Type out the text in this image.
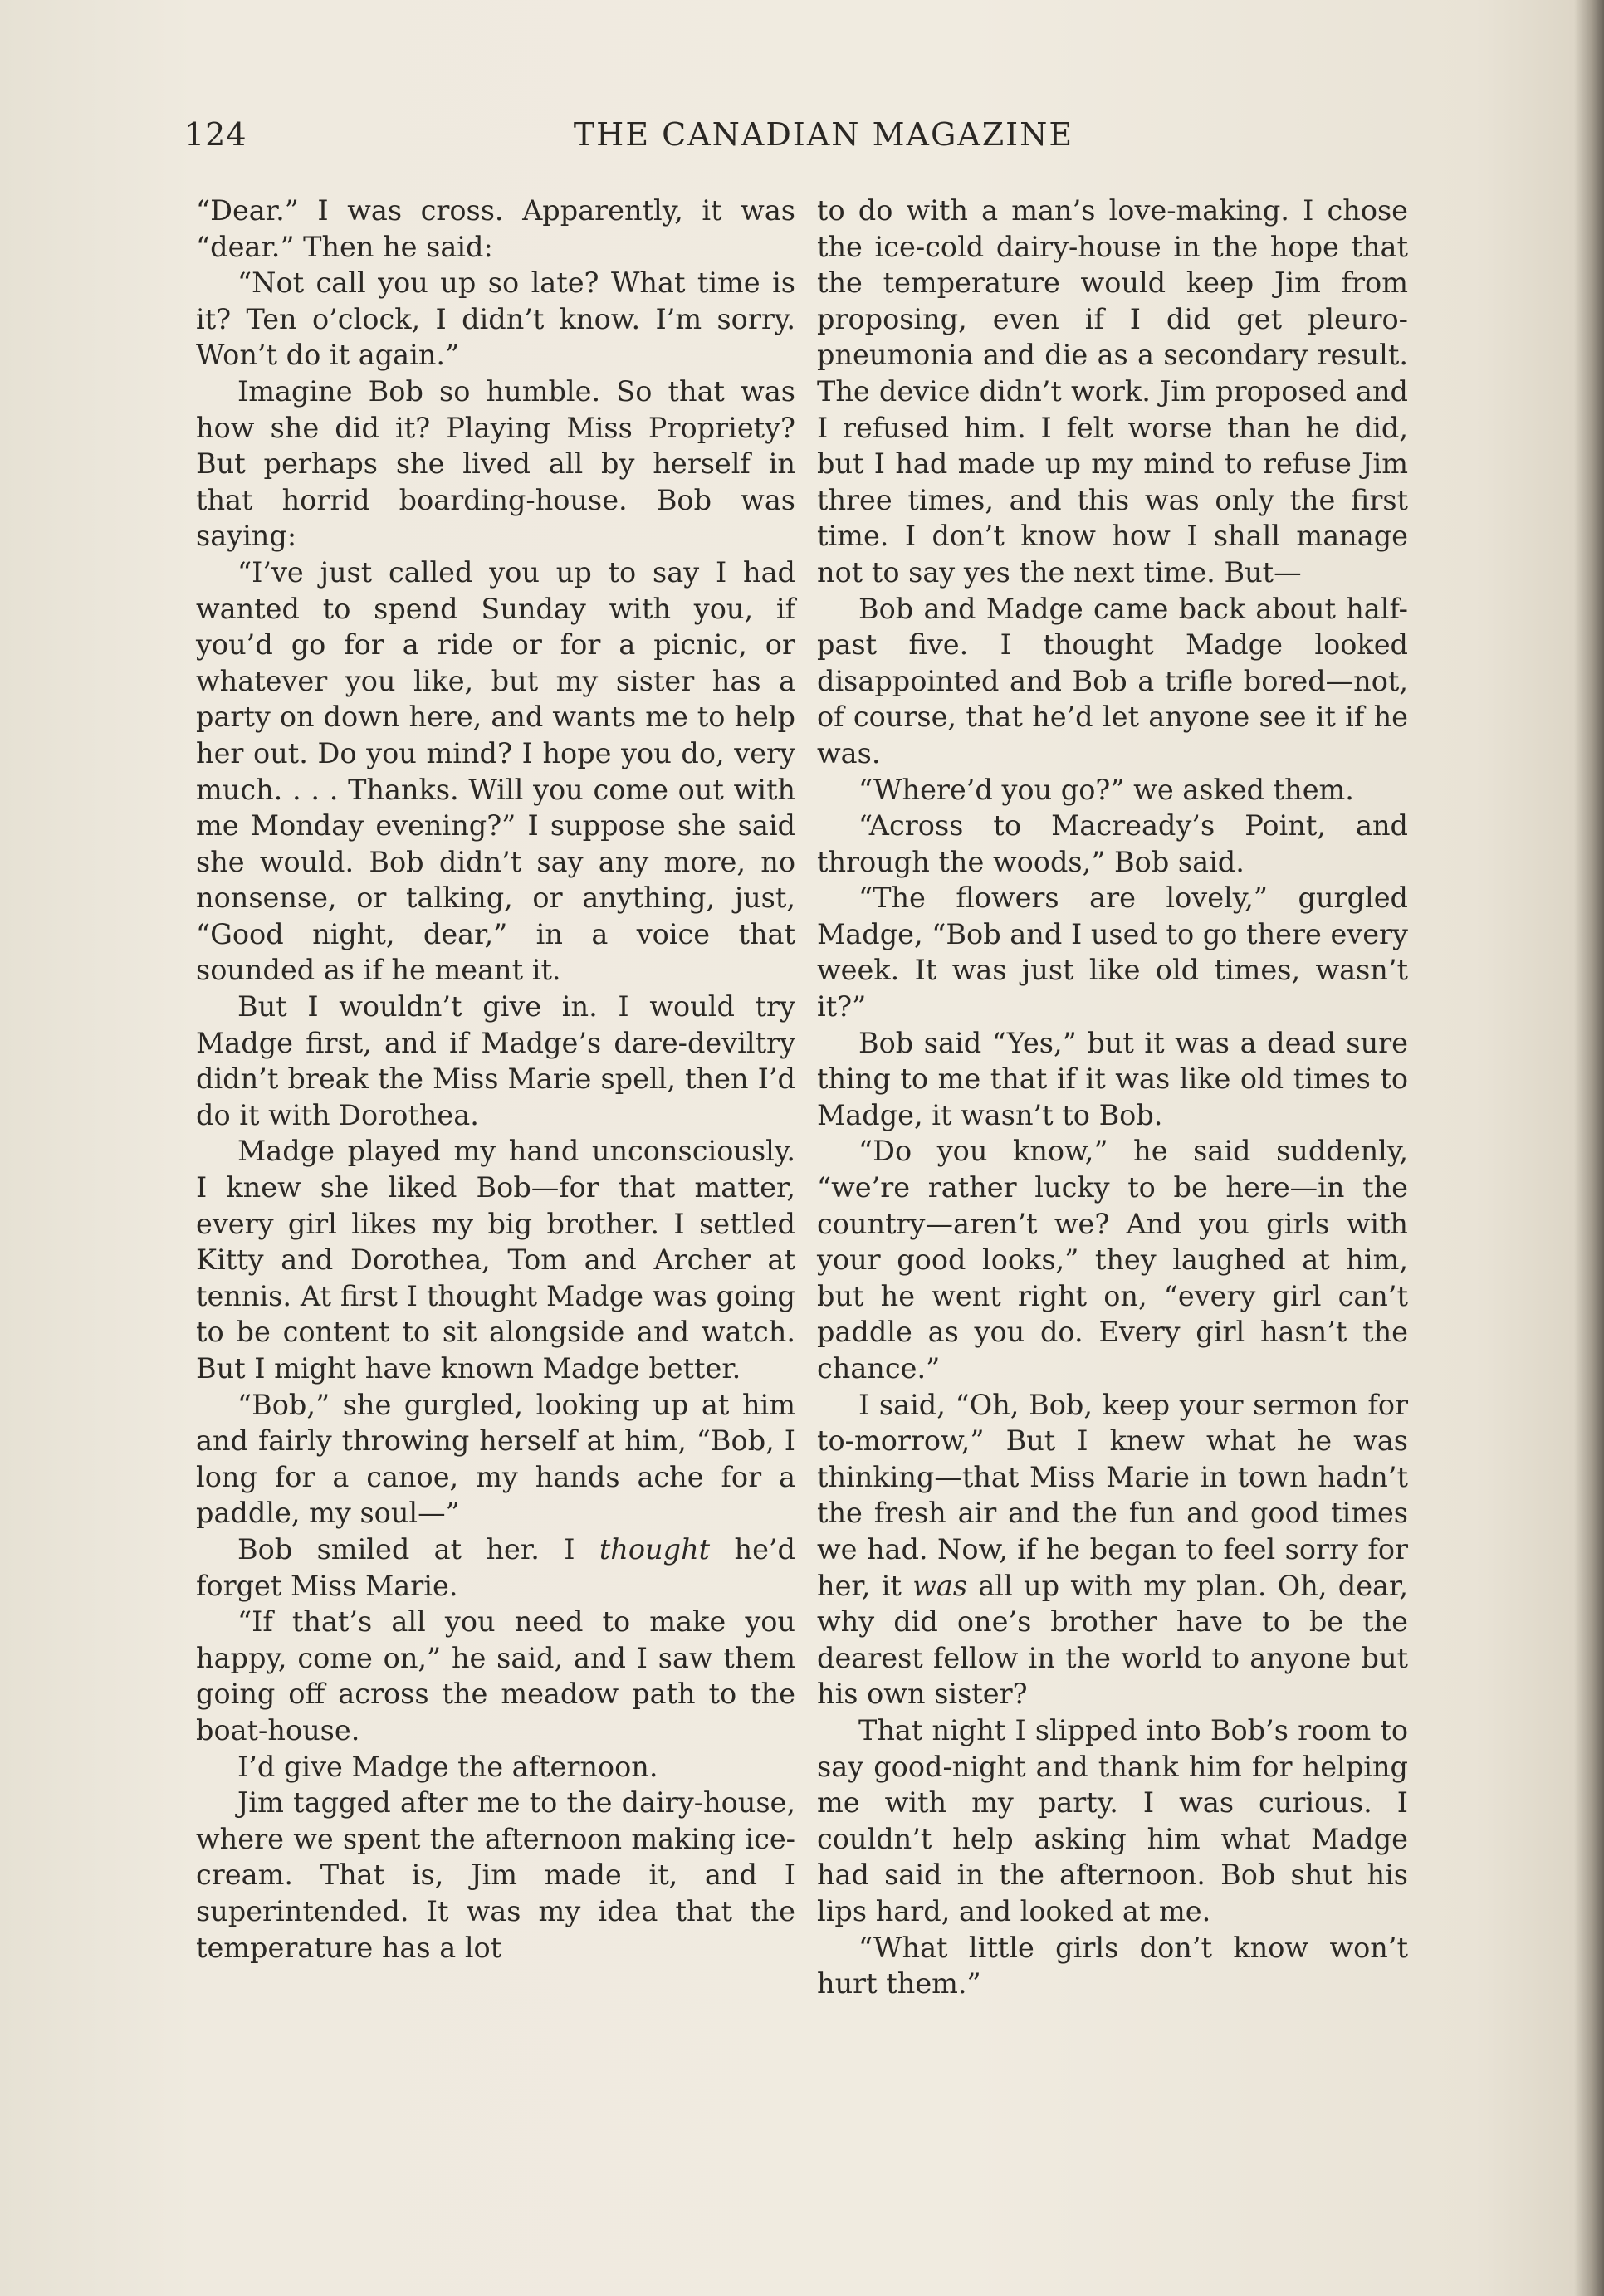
124	THE CANADIAN MAGAZINE

“Dear.” I was cross. Apparently, it was “dear.” Then he said:

“Not call you up so late? What time is it? Ten o’clock, I didn’t know. I’m sorry. Won’t do it again.”

Imagine Bob so humble. So that was how she did it? Playing Miss Propriety? But perhaps she lived all by herself in that horrid boarding-house. Bob was saying:

“I’ve just called you up to say I had wanted to spend Sunday with you, if you’d go for a ride or for a picnic, or whatever you like, but my sister has a party on down here, and wants me to help her out. Do you mind? I hope you do, very much. . . . Thanks. Will you come out with me Monday evening?” I suppose she said she would. Bob didn’t say any more, no nonsense, or talking, or anything, just, “Good night, dear,” in a voice that sounded as if he meant it.

But I wouldn’t give in. I would try Madge first, and if Madge’s dare-deviltry didn’t break the Miss Marie spell, then I’d do it with Dorothea.

Madge played my hand unconsciously. I knew she liked Bob—for that matter, every girl likes my big brother. I settled Kitty and Dorothea, Tom and Archer at tennis. At first I thought Madge was going to be content to sit alongside and watch. But I might have known Madge better.

“Bob,” she gurgled, looking up at him and fairly throwing herself at him, “Bob, I long for a canoe, my hands ache for a paddle, my soul—”

Bob smiled at her. I thought he’d forget Miss Marie.

“If that’s all you need to make you happy, come on,” he said, and I saw them going off across the meadow path to the boat-house.

I’d give Madge the afternoon.

Jim tagged after me to the dairy-house, where we spent the afternoon making ice-cream. That is, Jim made it, and I superintended. It was my idea that the temperature has a lot

to do with a man’s love-making. I chose the ice-cold dairy-house in the hope that the temperature would keep Jim from proposing, even if I did get pleuro-pneumonia and die as a secondary result. The device didn’t work. Jim proposed and I refused him. I felt worse than he did, but I had made up my mind to refuse Jim three times, and this was only the first time. I don’t know how I shall manage not to say yes the next time. But—

Bob and Madge came back about half-past five. I thought Madge looked disappointed and Bob a trifle bored—not, of course, that he’d let anyone see it if he was.

“Where’d you go?” we asked them.

“Across to Macready’s Point, and through the woods,” Bob said.

“The flowers are lovely,” gurgled Madge, “Bob and I used to go there every week. It was just like old times, wasn’t it?”

Bob said “Yes,” but it was a dead sure thing to me that if it was like old times to Madge, it wasn’t to Bob.

“Do you know,” he said suddenly, “we’re rather lucky to be here—in the country—aren’t we? And you girls with your good looks,” they laughed at him, but he went right on, “every girl can’t paddle as you do. Every girl hasn’t the chance.”

I said, “Oh, Bob, keep your sermon for to-morrow,” But I knew what he was thinking—that Miss Marie in town hadn’t the fresh air and the fun and good times we had. Now, if he began to feel sorry for her, it was all up with my plan. Oh, dear, why did one’s brother have to be the dearest fellow in the world to anyone but his own sister?

That night I slipped into Bob’s room to say good-night and thank him for helping me with my party. I was curious. I couldn’t help asking him what Madge had said in the afternoon. Bob shut his lips hard, and looked at me.

“What little girls don’t know won’t hurt them.”
